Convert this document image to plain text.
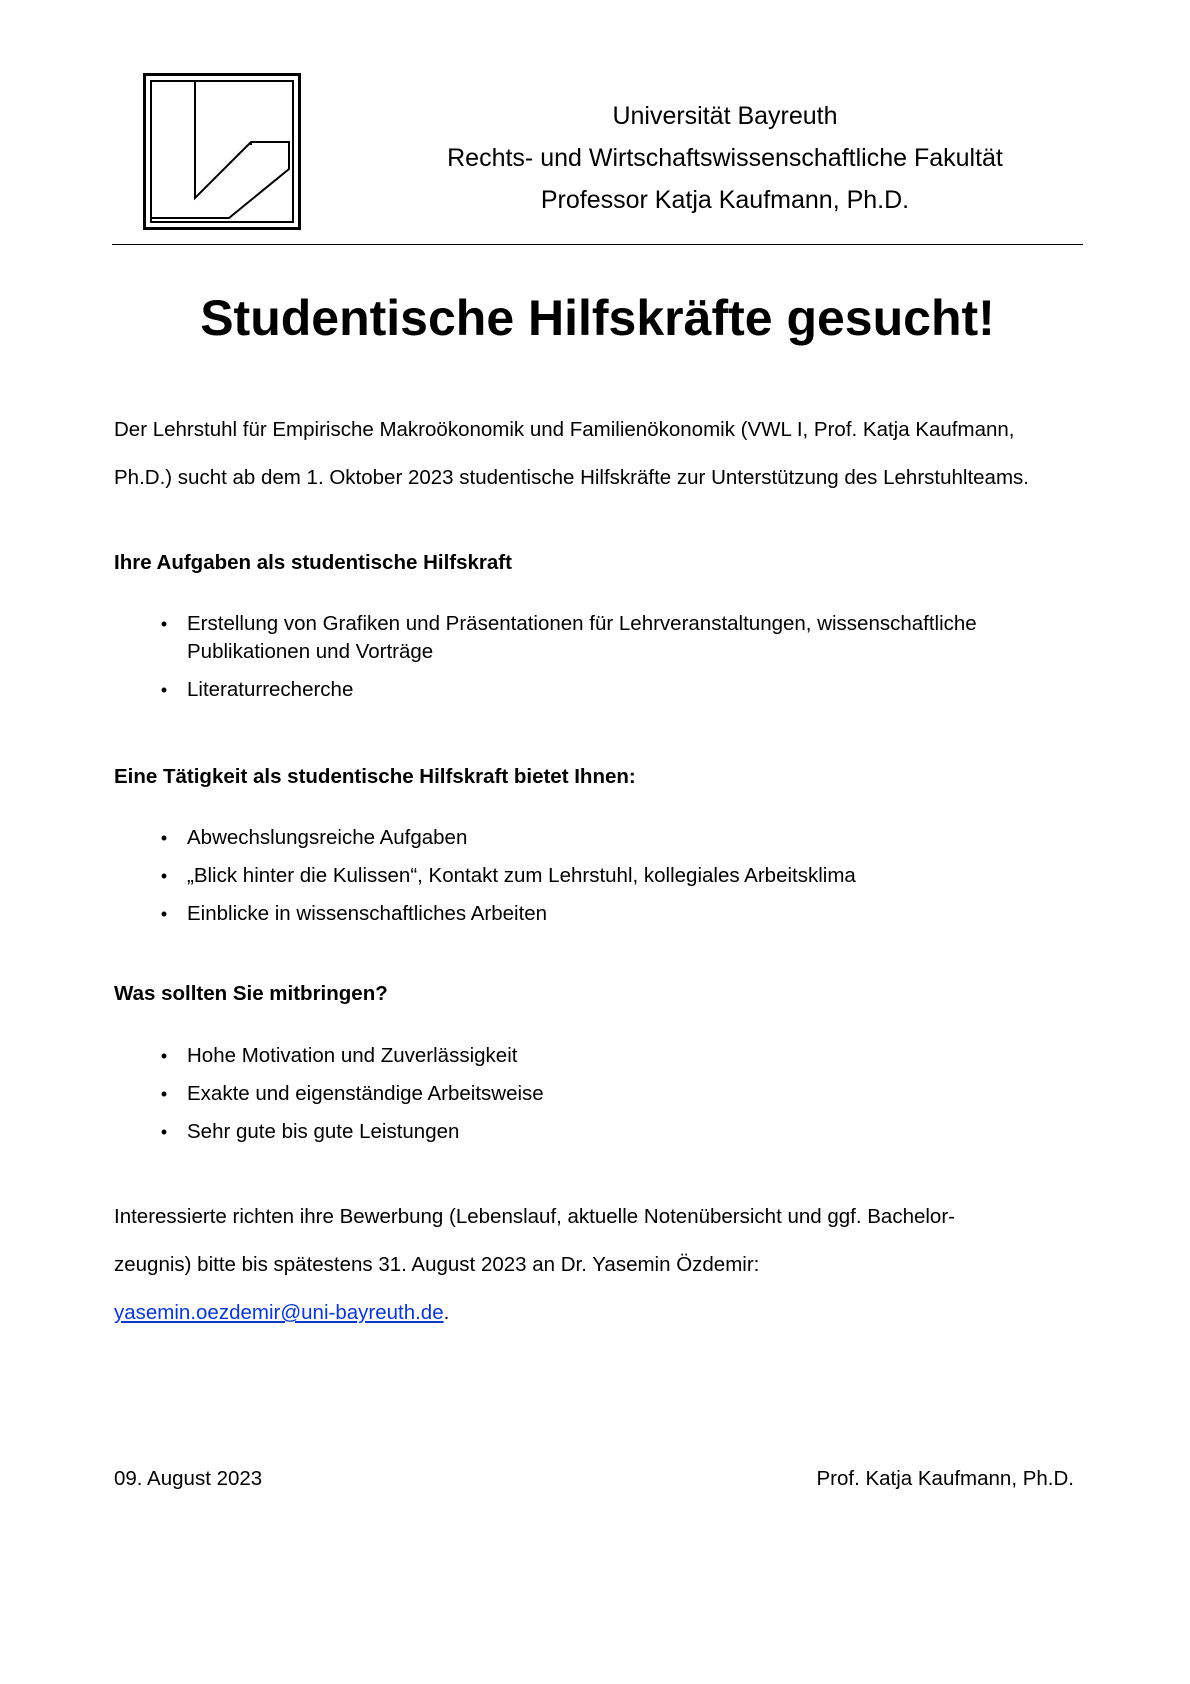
Universität Bayreuth
Rechts- und Wirtschaftswissenschaftliche Fakultät
Professor Katja Kaufmann, Ph.D.
Studentische Hilfskräfte gesucht!

Der Lehrstuhl für Empirische Makroökonomik und Familienökonomik (VWL I, Prof. Katja Kaufmann,
Ph.D.) sucht ab dem 1. Oktober 2023 studentische Hilfskräfte zur Unterstützung des Lehrstuhlteams.

Ihre Aufgaben als studentische Hilfskraft
• Erstellung von Grafiken und Präsentationen für Lehrveranstaltungen, wissenschaftliche Publikationen und Vorträge
• Literaturrecherche
Eine Tätigkeit als studentische Hilfskraft bietet Ihnen:
• Abwechslungsreiche Aufgaben
• „Blick hinter die Kulissen“, Kontakt zum Lehrstuhl, kollegiales Arbeitsklima
• Einblicke in wissenschaftliches Arbeiten
Was sollten Sie mitbringen?
• Hohe Motivation und Zuverlässigkeit
• Exakte und eigenständige Arbeitsweise
• Sehr gute bis gute Leistungen

Interessierte richten ihre Bewerbung (Lebenslauf, aktuelle Notenübersicht und ggf. Bachelor-
zeugnis) bitte bis spätestens 31. August 2023 an Dr. Yasemin Özdemir:
yasemin.oezdemir@uni-bayreuth.de.

09. August 2023	Prof. Katja Kaufmann, Ph.D.
